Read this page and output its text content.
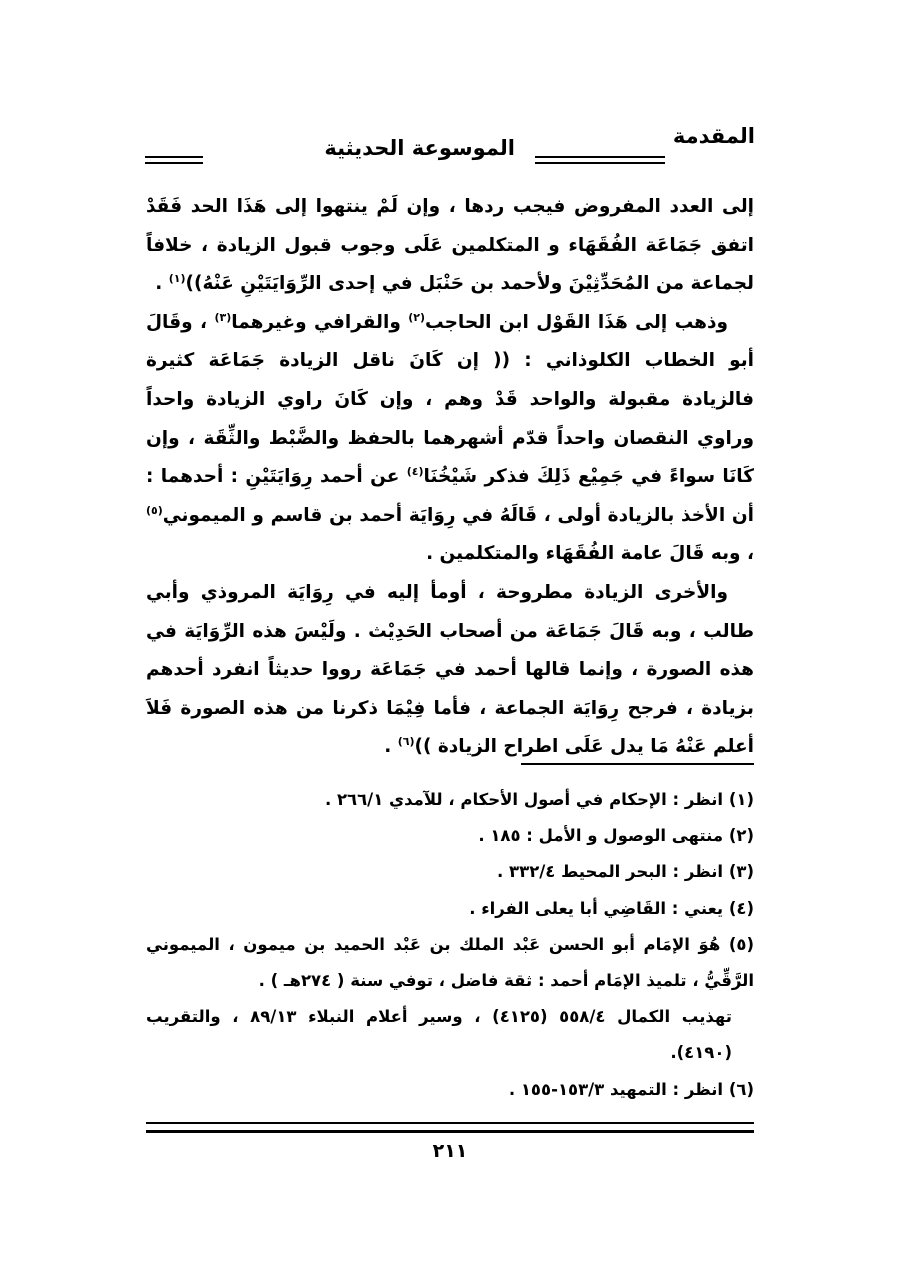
المقدمة
الموسوعة الحديثية

إلى العدد المفروض فيجب ردها ، وإن لَمْ ينتهوا إلى هَذَا الحد فَقَدْ اتفق جَمَاعَة الفُقَهَاء و المتكلمين عَلَى وجوب قبول الزيادة ، خلافاً لجماعة من المُحَدِّثِيْنَ ولأحمد بن حَنْبَل في إحدى الرِّوَايَتَيْنِ عَنْهُ))$^{(١)}$ .

وذهب إلى هَذَا القَوْل ابن الحاجب$^{(٢)}$ والقرافي وغيرهما$^{(٣)}$ ، وقَالَ أبو الخطاب الكلوذاني : (( إن كَانَ ناقل الزيادة جَمَاعَة كثيرة فالزيادة مقبولة والواحد قَدْ وهم ، وإن كَانَ راوي الزيادة واحداً وراوي النقصان واحداً قدّم أشهرهما بالحفظ والضَّبْط والثِّقَة ، وإن كَانَا سواءً في جَمِيْع ذَلِكَ فذكر شَيْخُنَا$^{(٤)}$ عن أحمد رِوَايَتَيْنِ : أحدهما : أن الأخذ بالزيادة أولى ، قَالَهُ في رِوَايَة أحمد بن قاسم و الميموني$^{(٥)}$ ، وبه قَالَ عامة الفُقَهَاء والمتكلمين .

والأخرى الزيادة مطروحة ، أومأ إليه في رِوَايَة المروذي وأبي طالب ، وبه قَالَ جَمَاعَة من أصحاب الحَدِيْث . ولَيْسَ هذه الرِّوَايَة في هذه الصورة ، وإنما قالها أحمد في جَمَاعَة رووا حديثاً انفرد أحدهم بزيادة ، فرجح رِوَايَة الجماعة ، فأما فِيْمَا ذكرنا من هذه الصورة فَلاَ أعلم عَنْهُ مَا يدل عَلَى اطراح الزيادة ))$^{(٦)}$ .

(١) انظر : الإحكام في أصول الأحكام ، للآمدي ٢٦٦/١ .

(٢) منتهى الوصول و الأمل : ١٨٥ .

(٣) انظر : البحر المحيط ٣٣٢/٤ .

(٤) يعني : القَاضِي أبا يعلى الفراء .

(٥) هُوَ الإمَام أبو الحسن عَبْد الملك بن عَبْد الحميد بن ميمون ، الميموني الرَّقِّيُّ ، تلميذ الإمَام أحمد : ثقة فاضل ، توفي سنة ( ٢٧٤هـ ) .

تهذيب الكمال ٥٥٨/٤ (٤١٢٥) ، وسير أعلام النبلاء ٨٩/١٣ ، والتقريب (٤١٩٠).

(٦) انظر : التمهيد ١٥٣/٣-١٥٥ .

٢١١
